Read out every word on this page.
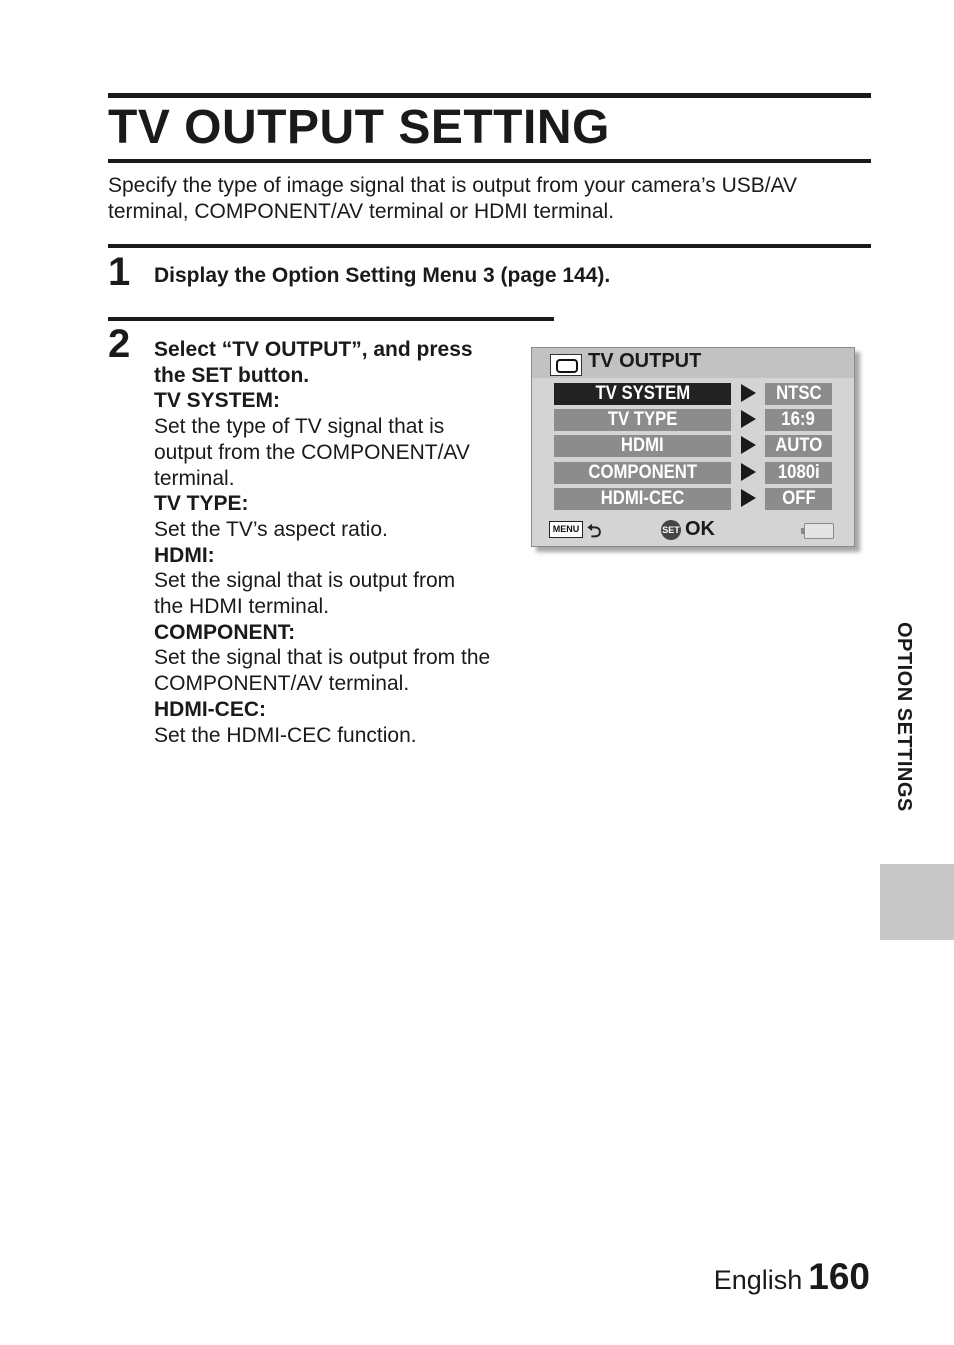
TV OUTPUT SETTING
Specify the type of image signal that is output from your camera’s USB/AV terminal, COMPONENT/AV terminal or HDMI terminal.
1 Display the Option Setting Menu 3 (page 144).
2 Select “TV OUTPUT”, and press
the SET button.
TV SYSTEM:
Set the type of TV signal that is
output from the COMPONENT/AV
terminal.
TV TYPE:
Set the TV’s aspect ratio.
HDMI:
Set the signal that is output from
the HDMI terminal.
COMPONENT:
Set the signal that is output from the
COMPONENT/AV terminal.
HDMI-CEC:
Set the HDMI-CEC function.
TV OUTPUT
TV SYSTEM	NTSC
TV TYPE	16:9
HDMI	AUTO
COMPONENT	1080i
HDMI-CEC	OFF
MENU ⮌	SET OK
OPTION SETTINGS
English 160
